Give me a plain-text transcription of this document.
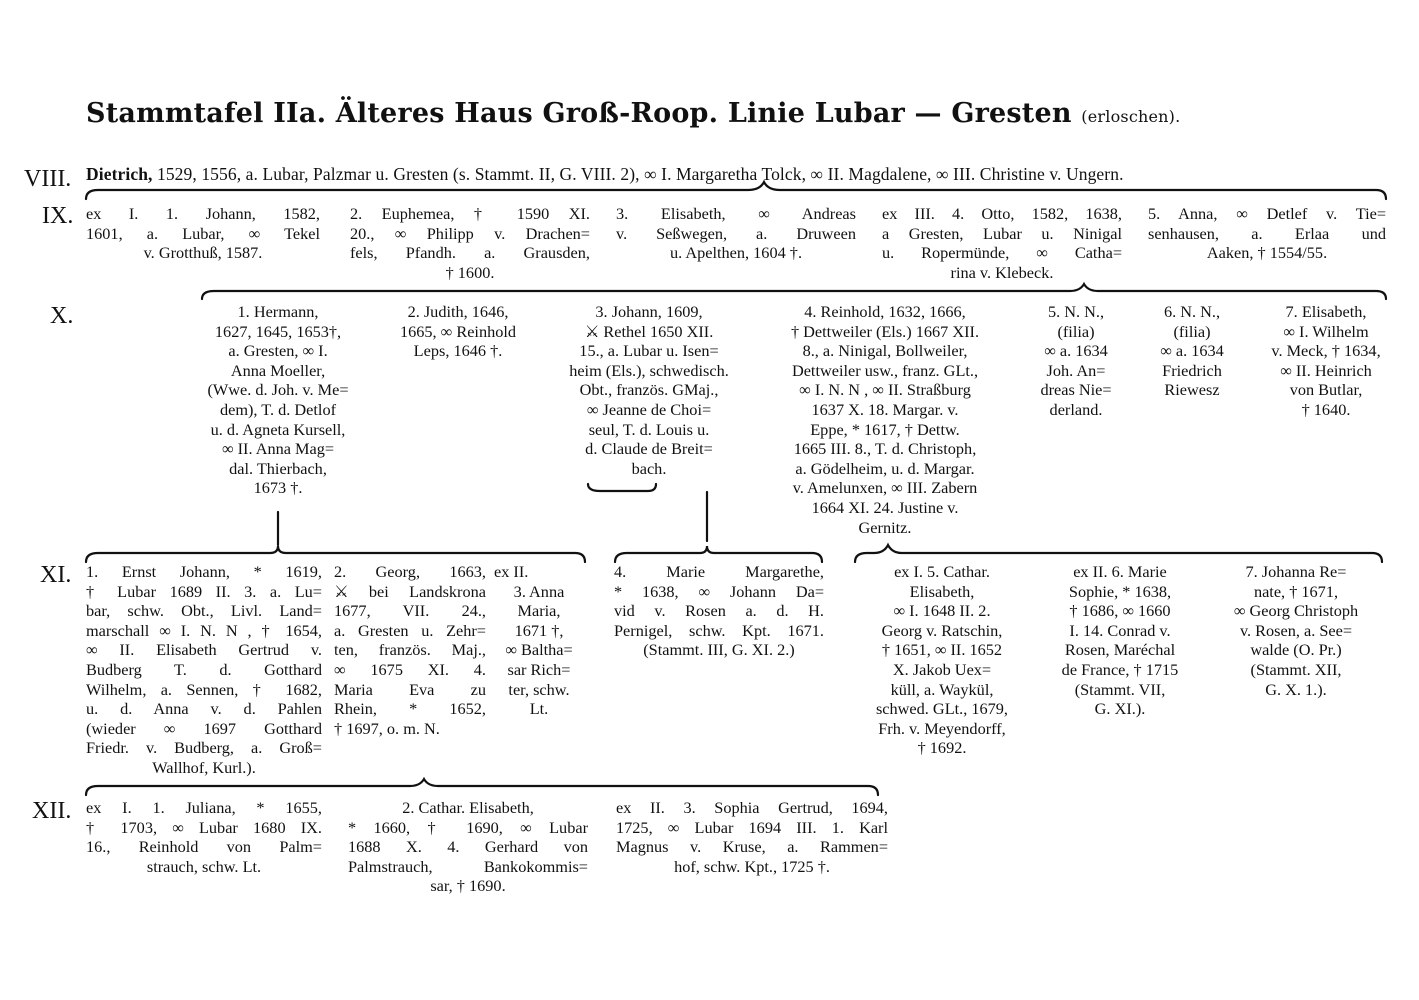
Stammtafel IIa. Älteres Haus Groß-Roop. Linie Lubar — Gresten (erloschen).
VIII.
IX.
X.
XI.
XII.
Dietrich, 1529, 1556, a. Lubar, Palzmar u. Gresten (s. Stammt. II, G. VIII. 2), ∞ I. Margaretha Tolck, ∞ II. Magdalene, ∞ III. Christine v. Ungern.
ex I. 1. Johann, 1582,
1601, a. Lubar, ∞ Tekel
v. Grotthuß, 1587.
2. Euphemea, † 1590 XI.
20., ∞ Philipp v. Drachen=
fels, Pfandh. a. Grausden,
† 1600.
3. Elisabeth, ∞ Andreas
v. Seßwegen, a. Druween
u. Apelthen, 1604 †.
ex III. 4. Otto, 1582, 1638,
a Gresten, Lubar u. Ninigal
u. Ropermünde, ∞ Catha=
rina v. Klebeck.
5. Anna, ∞ Detlef v. Tie=
senhausen, a. Erlaa und
Aaken, † 1554/55.
1. Hermann,
1627, 1645, 1653†,
a. Gresten, ∞ I.
Anna Moeller,
(Wwe. d. Joh. v. Me=
dem), T. d. Detlof
u. d. Agneta Kursell,
∞ II. Anna Mag=
dal. Thierbach,
1673 †.
2. Judith, 1646,
1665, ∞ Reinhold
Leps, 1646 †.
3. Johann, 1609,
⚔ Rethel 1650 XII.
15., a. Lubar u. Isen=
heim (Els.), schwedisch.
Obt., französ. GMaj.,
∞ Jeanne de Choi=
seul, T. d. Louis u.
d. Claude de Breit=
bach.
4. Reinhold, 1632, 1666,
† Dettweiler (Els.) 1667 XII.
8., a. Ninigal, Bollweiler,
Dettweiler usw., franz. GLt.,
∞ I. N. N , ∞ II. Straßburg
1637 X. 18. Margar. v.
Eppe, * 1617, † Dettw.
1665 III. 8., T. d. Christoph,
a. Gödelheim, u. d. Margar.
v. Amelunxen, ∞ III. Zabern
1664 XI. 24. Justine v.
Gernitz.
5. N. N.,
(filia)
∞ a. 1634
Joh. An=
dreas Nie=
derland.
6. N. N.,
(filia)
∞ a. 1634
Friedrich
Riewesz
7. Elisabeth,
∞ I. Wilhelm
v. Meck, † 1634,
∞ II. Heinrich
von Butlar,
† 1640.
1. Ernst Johann, * 1619,
† Lubar 1689 II. 3. a. Lu=
bar, schw. Obt., Livl. Land=
marschall ∞ I. N. N , † 1654,
∞ II. Elisabeth Gertrud v.
Budberg T. d. Gotthard
Wilhelm, a. Sennen, † 1682,
u. d. Anna v. d. Pahlen
(wieder ∞ 1697 Gotthard
Friedr. v. Budberg, a. Groß=
Wallhof, Kurl.).
2. Georg, 1663,
⚔ bei Landskrona
1677, VII. 24.,
a. Gresten u. Zehr=
ten, französ. Maj.,
∞ 1675 XI. 4.
Maria Eva zu
Rhein, * 1652,
† 1697, o. m. N.
ex II.
3. Anna
Maria,
1671 †,
∞ Baltha=
sar Rich=
ter, schw.
Lt.
4. Marie Margarethe,
* 1638, ∞ Johann Da=
vid v. Rosen a. d. H.
Pernigel, schw. Kpt. 1671.
(Stammt. III, G. XI. 2.)
ex I. 5. Cathar.
Elisabeth,
∞ I. 1648 II. 2.
Georg v. Ratschin,
† 1651, ∞ II. 1652
X. Jakob Uex=
küll, a. Waykül,
schwed. GLt., 1679,
Frh. v. Meyendorff,
† 1692.
ex II. 6. Marie
Sophie, * 1638,
† 1686, ∞ 1660
I. 14. Conrad v.
Rosen, Maréchal
de France, † 1715
(Stammt. VII,
G. XI.).
7. Johanna Re=
nate, † 1671,
∞ Georg Christoph
v. Rosen, a. See=
walde (O. Pr.)
(Stammt. XII,
G. X. 1.).
ex I. 1. Juliana, * 1655,
† 1703, ∞ Lubar 1680 IX.
16., Reinhold von Palm=
strauch, schw. Lt.
2. Cathar. Elisabeth,
* 1660, † 1690, ∞ Lubar
1688 X. 4. Gerhard von
Palmstrauch, Bankokommis=
sar, † 1690.
ex II. 3. Sophia Gertrud, 1694,
1725, ∞ Lubar 1694 III. 1. Karl
Magnus v. Kruse, a. Rammen=
hof, schw. Kpt., 1725 †.
